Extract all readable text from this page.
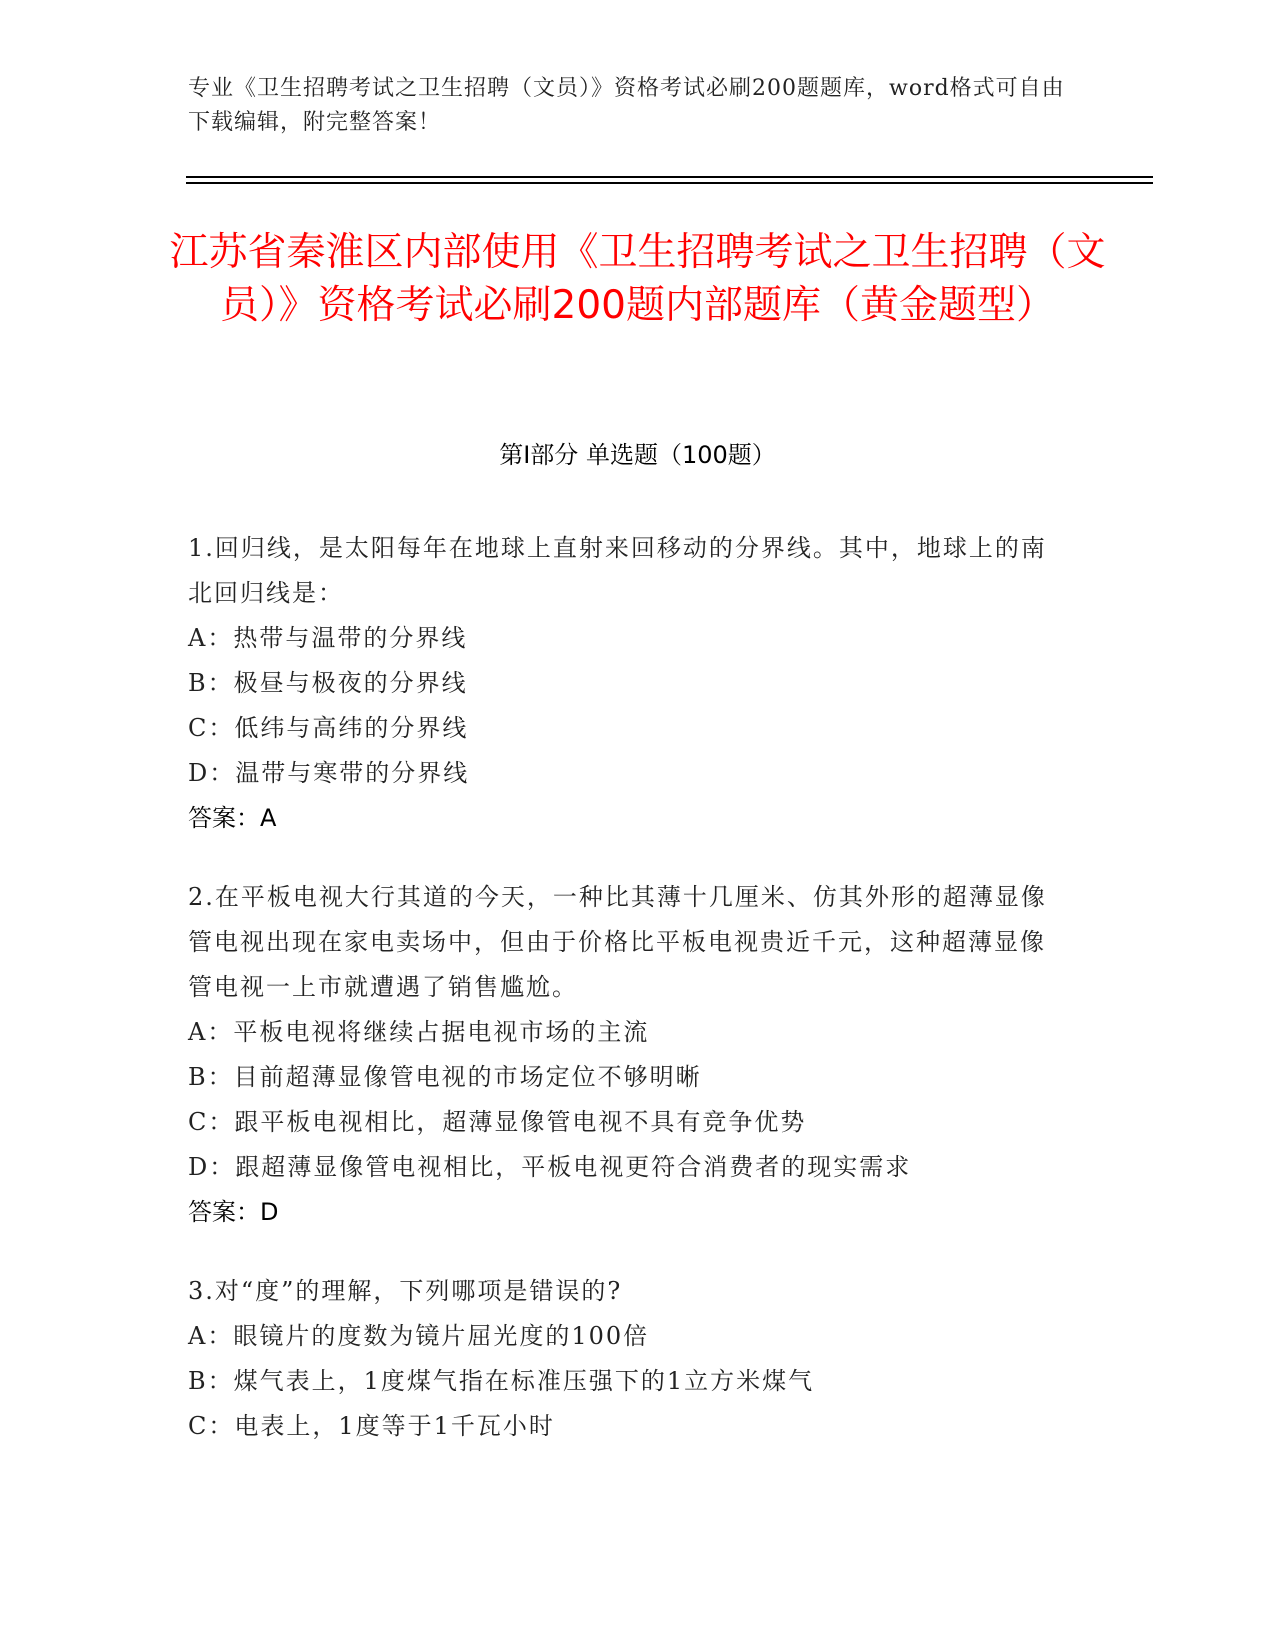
专业《卫生招聘考试之卫生招聘（文员）》资格考试必刷200题题库，word格式可自由下载编辑，附完整答案！
江苏省秦淮区内部使用《卫生招聘考试之卫生招聘（文员）》资格考试必刷200题内部题库（黄金题型）
第I部分 单选题（100题）
1.回归线，是太阳每年在地球上直射来回移动的分界线。其中，地球上的南北回归线是：
A：热带与温带的分界线
B：极昼与极夜的分界线
C：低纬与高纬的分界线
D：温带与寒带的分界线
答案：A
2.在平板电视大行其道的今天，一种比其薄十几厘米、仿其外形的超薄显像管电视出现在家电卖场中，但由于价格比平板电视贵近千元，这种超薄显像管电视一上市就遭遇了销售尴尬。
A：平板电视将继续占据电视市场的主流
B：目前超薄显像管电视的市场定位不够明晰
C：跟平板电视相比，超薄显像管电视不具有竞争优势
D：跟超薄显像管电视相比，平板电视更符合消费者的现实需求
答案：D
3.对“度”的理解，下列哪项是错误的?
A：眼镜片的度数为镜片屈光度的100倍
B：煤气表上，1度煤气指在标准压强下的1立方米煤气
C：电表上，1度等于1千瓦小时
